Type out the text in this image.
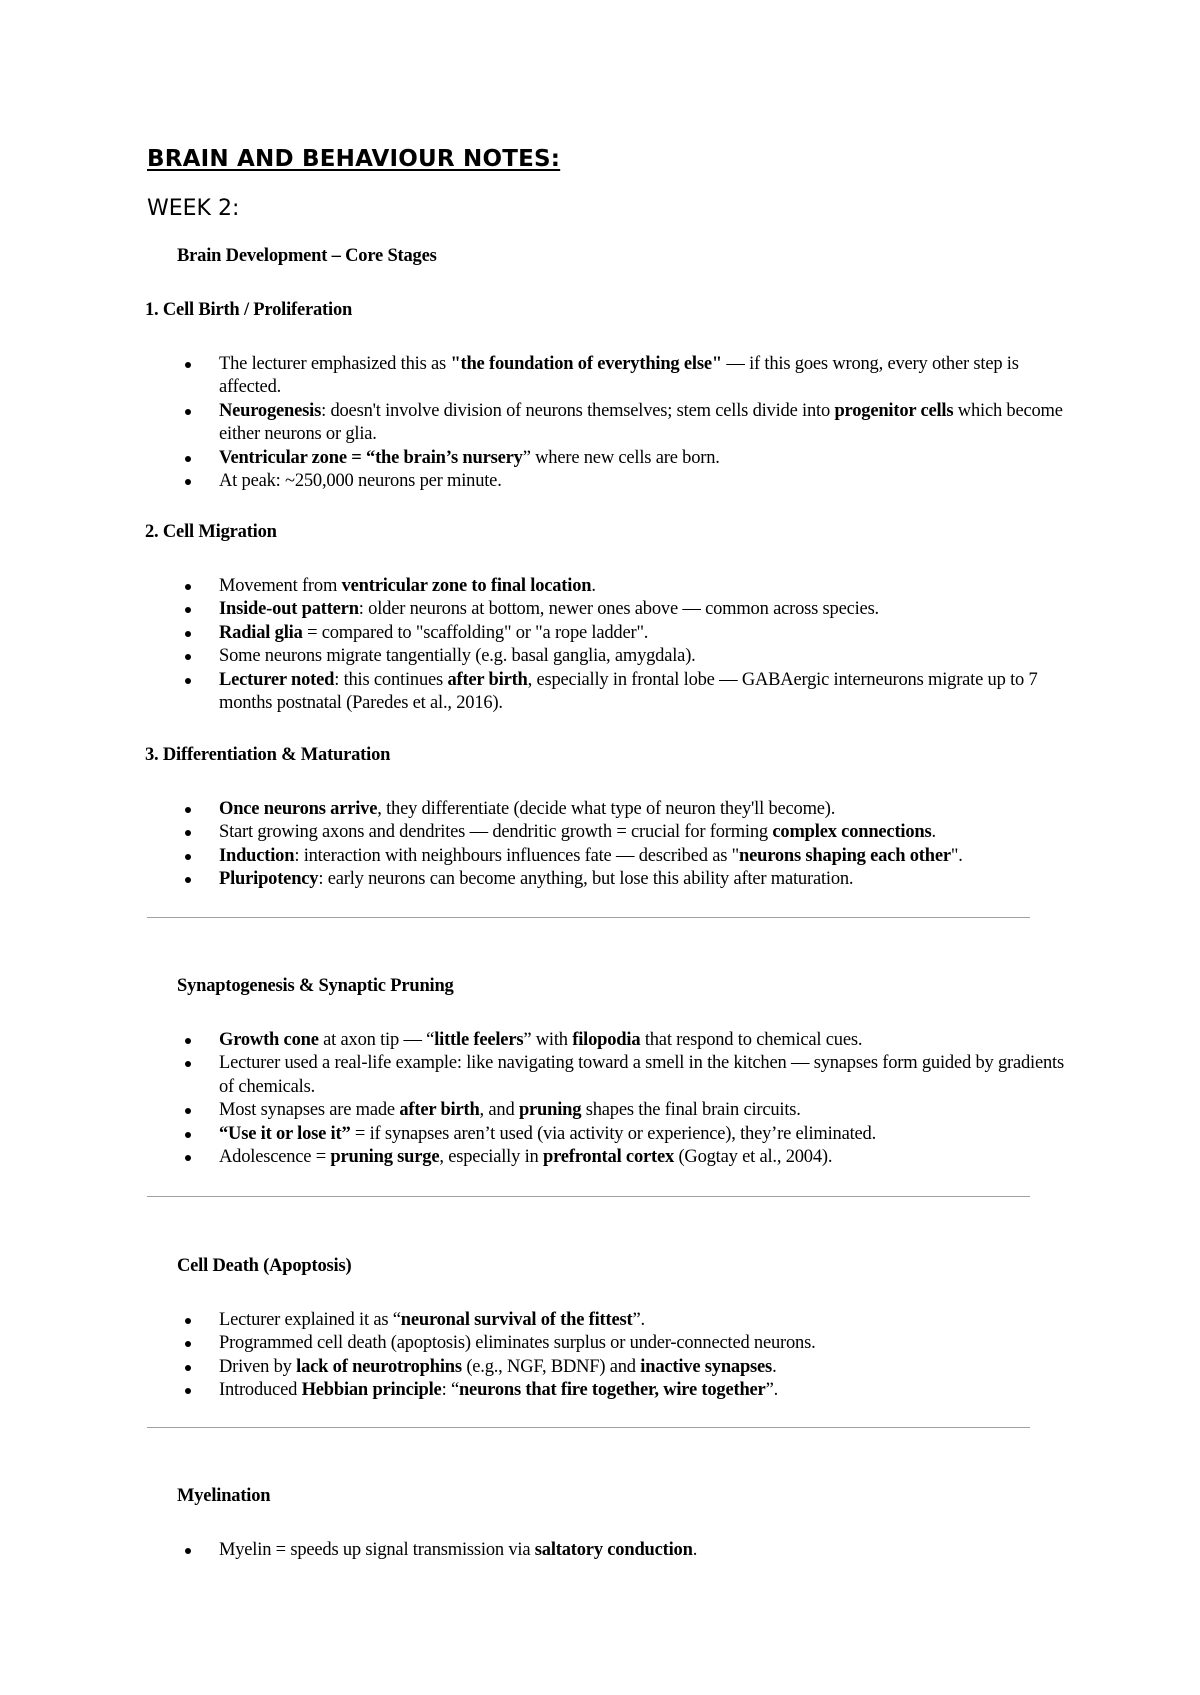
BRAIN AND BEHAVIOUR NOTES:
WEEK 2:
Brain Development – Core Stages
1. Cell Birth / Proliferation
The lecturer emphasized this as "the foundation of everything else" — if this goes wrong, every other step is affected.
Neurogenesis: doesn't involve division of neurons themselves; stem cells divide into progenitor cells which become either neurons or glia.
Ventricular zone = “the brain’s nursery” where new cells are born.
At peak: ~250,000 neurons per minute.
2. Cell Migration
Movement from ventricular zone to final location.
Inside-out pattern: older neurons at bottom, newer ones above — common across species.
Radial glia = compared to "scaffolding" or "a rope ladder".
Some neurons migrate tangentially (e.g. basal ganglia, amygdala).
Lecturer noted: this continues after birth, especially in frontal lobe — GABAergic interneurons migrate up to 7 months postnatal (Paredes et al., 2016).
3. Differentiation & Maturation
Once neurons arrive, they differentiate (decide what type of neuron they'll become).
Start growing axons and dendrites — dendritic growth = crucial for forming complex connections.
Induction: interaction with neighbours influences fate — described as "neurons shaping each other".
Pluripotency: early neurons can become anything, but lose this ability after maturation.
Synaptogenesis & Synaptic Pruning
Growth cone at axon tip — “little feelers” with filopodia that respond to chemical cues.
Lecturer used a real-life example: like navigating toward a smell in the kitchen — synapses form guided by gradients of chemicals.
Most synapses are made after birth, and pruning shapes the final brain circuits.
“Use it or lose it” = if synapses aren’t used (via activity or experience), they’re eliminated.
Adolescence = pruning surge, especially in prefrontal cortex (Gogtay et al., 2004).
Cell Death (Apoptosis)
Lecturer explained it as “neuronal survival of the fittest”.
Programmed cell death (apoptosis) eliminates surplus or under-connected neurons.
Driven by lack of neurotrophins (e.g., NGF, BDNF) and inactive synapses.
Introduced Hebbian principle: “neurons that fire together, wire together”.
Myelination
Myelin = speeds up signal transmission via saltatory conduction.
